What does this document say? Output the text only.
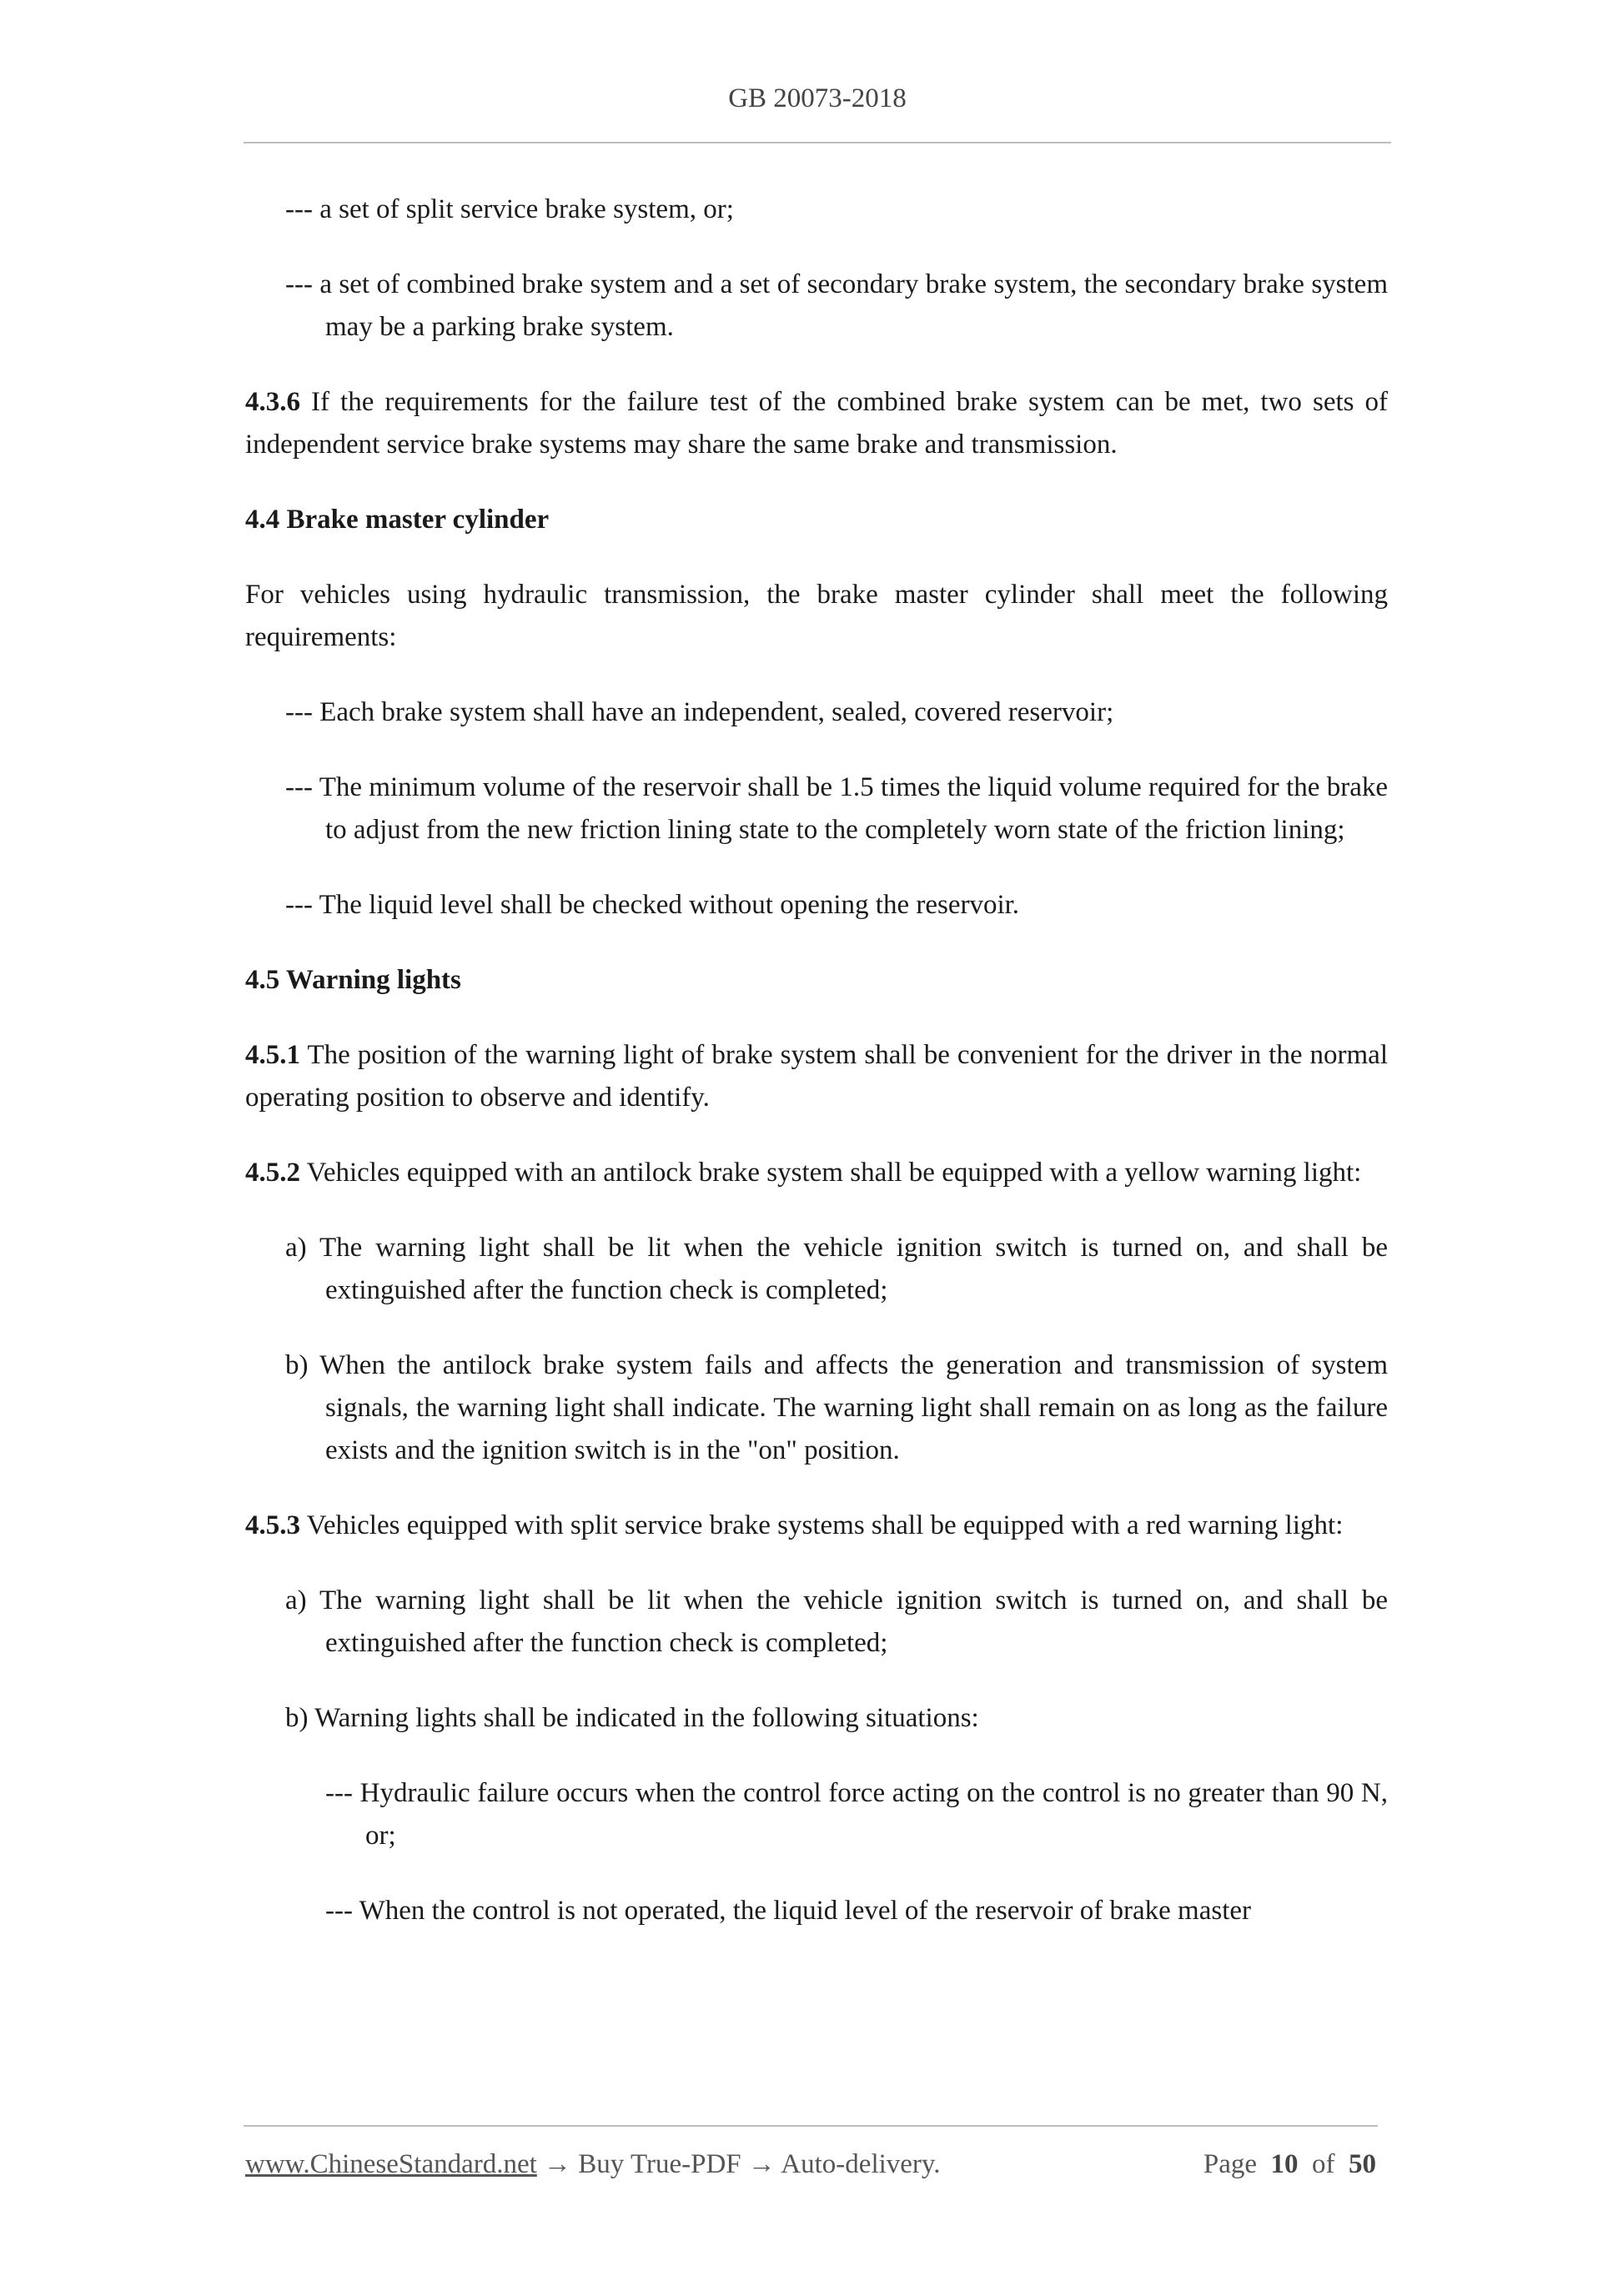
GB 20073-2018

--- a set of split service brake system, or;

--- a set of combined brake system and a set of secondary brake system, the secondary brake system may be a parking brake system.

4.3.6 If the requirements for the failure test of the combined brake system can be met, two sets of independent service brake systems may share the same brake and transmission.

4.4 Brake master cylinder

For vehicles using hydraulic transmission, the brake master cylinder shall meet the following requirements:

--- Each brake system shall have an independent, sealed, covered reservoir;

--- The minimum volume of the reservoir shall be 1.5 times the liquid volume required for the brake to adjust from the new friction lining state to the completely worn state of the friction lining;

--- The liquid level shall be checked without opening the reservoir.

4.5 Warning lights

4.5.1 The position of the warning light of brake system shall be convenient for the driver in the normal operating position to observe and identify.

4.5.2 Vehicles equipped with an antilock brake system shall be equipped with a yellow warning light:

a) The warning light shall be lit when the vehicle ignition switch is turned on, and shall be extinguished after the function check is completed;

b) When the antilock brake system fails and affects the generation and transmission of system signals, the warning light shall indicate. The warning light shall remain on as long as the failure exists and the ignition switch is in the "on" position.

4.5.3 Vehicles equipped with split service brake systems shall be equipped with a red warning light:

a) The warning light shall be lit when the vehicle ignition switch is turned on, and shall be extinguished after the function check is completed;

b) Warning lights shall be indicated in the following situations:

--- Hydraulic failure occurs when the control force acting on the control is no greater than 90 N, or;

--- When the control is not operated, the liquid level of the reservoir of brake master

www.ChineseStandard.net → Buy True-PDF → Auto-delivery.	Page 10 of 50
